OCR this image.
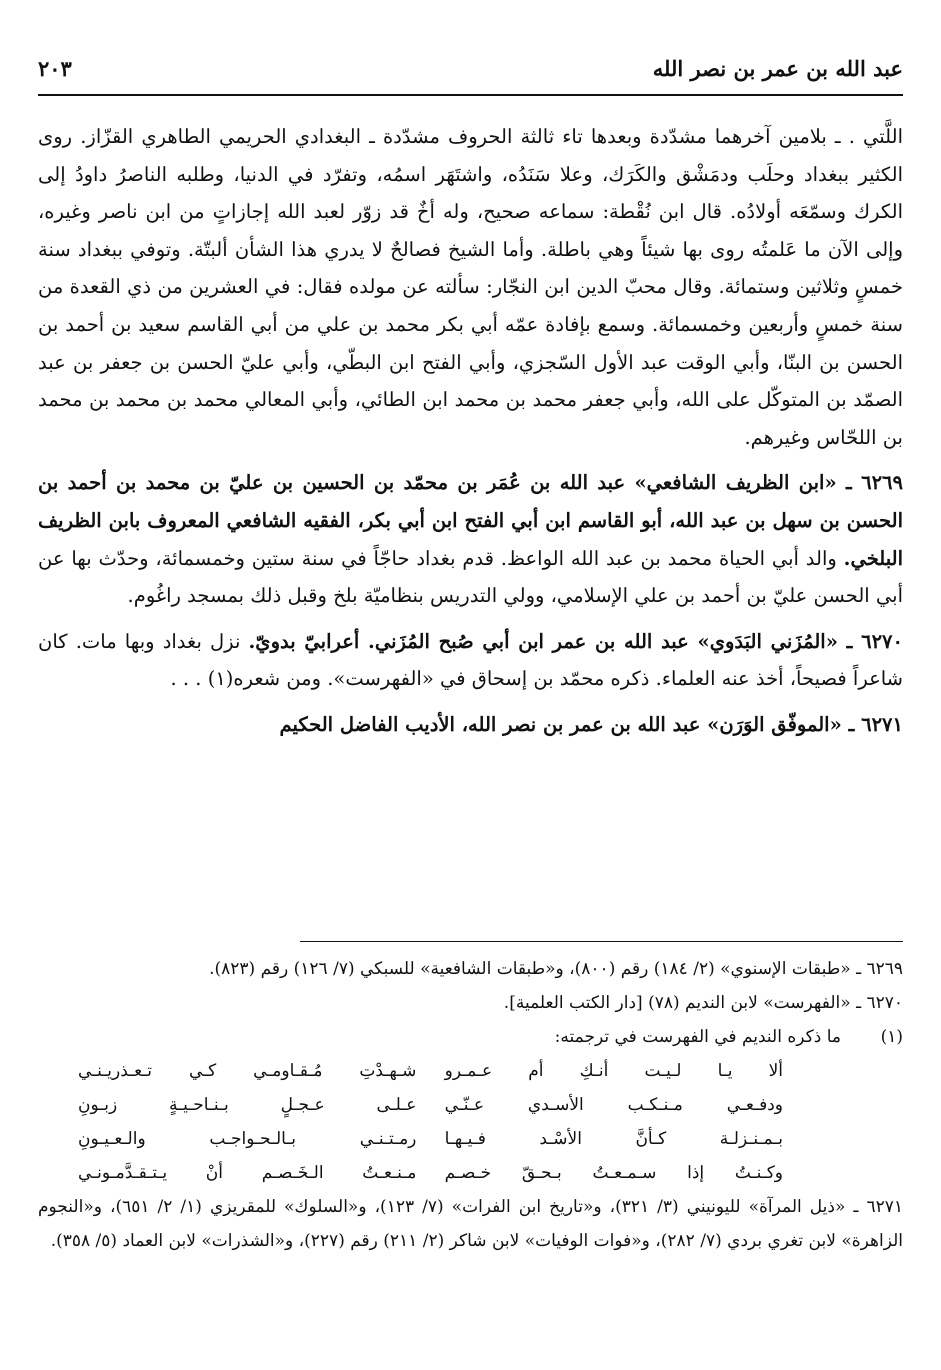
عبد الله بن عمر بن نصر الله
٢٠٣

اللَّتي . ـ بلامين آخرهما مشدّدة وبعدها تاء ثالثة الحروف مشدّدة ـ البغدادي الحريمي الطاهري القزّاز. روى الكثير ببغداد وحلَب ودمَشْق والكَرَك، وعلا سَنَدُه، واشتَهَر اسمُه، وتفرّد في الدنيا، وطلبه الناصرُ داودُ إلى الكرك وسمّعَه أولادُه. قال ابن نُقْطة: سماعه صحيح، وله أخٌ قد زوّر لعبد الله إجازاتٍ من ابن ناصر وغيره، وإلى الآن ما عَلمتُه روى بها شيئاً وهي باطلة. وأما الشيخ فصالحٌ لا يدري هذا الشأن ألبتّة. وتوفي ببغداد سنة خمسٍ وثلاثين وستمائة. وقال محبّ الدين ابن النجّار: سألته عن مولده فقال: في العشرين من ذي القعدة من سنة خمسٍ وأربعين وخمسمائة. وسمع بإفادة عمّه أبي بكر محمد بن علي من أبي القاسم سعيد بن أحمد بن الحسن بن البنّا، وأبي الوقت عبد الأول السّجزي، وأبي الفتح ابن البطّي، وأبي عليّ الحسن بن جعفر بن عبد الصمّد بن المتوكّل على الله، وأبي جعفر محمد بن محمد ابن الطائي، وأبي المعالي محمد بن محمد بن محمد بن اللحّاس وغيرهم.

٦٢٦٩ ـ «ابن الظريف الشافعي» عبد الله بن عُمَر بن محمّد بن الحسين بن عليّ بن محمد بن أحمد بن الحسن بن سهل بن عبد الله، أبو القاسم ابن أبي الفتح ابن أبي بكر، الفقيه الشافعي المعروف بابن الظريف البلخي. والد أبي الحياة محمد بن عبد الله الواعظ. قدم بغداد حاجّاً في سنة ستين وخمسمائة، وحدّث بها عن أبي الحسن عليّ بن أحمد بن علي الإسلامي، وولي التدريس بنظاميّة بلخ وقبل ذلك بمسجد راغُوم.

٦٢٧٠ ـ «المُزَني البَدَوي» عبد الله بن عمر ابن أبي صُبح المُزَني. أعرابيّ بدويّ. نزل بغداد وبها مات. كان شاعراً فصيحاً، أخذ عنه العلماء. ذكره محمّد بن إسحاق في «الفهرست». ومن شعره(١) . . .

٦٢٧١ ـ «الموفّق الوَرَن» عبد الله بن عمر بن نصر الله، الأديب الفاضل الحكيم

٦٢٦٩ ـ «طبقات الإسنوي» (٢/ ١٨٤) رقم (٨٠٠)، و«طبقات الشافعية» للسبكي (٧/ ١٢٦) رقم (٨٢٣).

٦٢٧٠ ـ «الفهرست» لابن النديم (٧٨) [دار الكتب العلمية].

(١)
ما ذكره النديم في الفهرست في ترجمته:
ألا يـا لـيـت أنـكِ أم عـمـرو
شـهـدْتِ مُـقـاومـي كـي تـعـذريـنـي
ودفـعـي مـنـكـب الأسـدي عـنّـي
عـلـى عـجـلٍ بـنـاحـيـةٍ زبـونِ
بـمـنـزلـة كـأنَّ الأسْـد فـيـهـا
رمـتـنـي بـالـحـواجـب والـعـيـونِ
وكـنـتُ إذا سـمـعـتُ بـحـقّ خـصـم
مـنـعـتُ الـخَـصـم أنْ يـتـقـدَّمـونـي

٦٢٧١ ـ «ذيل المرآة» لليونيني (٣/ ٣٢١)، و«تاريخ ابن الفرات» (٧/ ١٢٣)، و«السلوك» للمقريزي (١/ ٢/ ٦٥١)، و«النجوم الزاهرة» لابن تغري بردي (٧/ ٢٨٢)، و«فوات الوفيات» لابن شاكر (٢/ ٢١١) رقم (٢٢٧)، و«الشذرات» لابن العماد (٥/ ٣٥٨).
